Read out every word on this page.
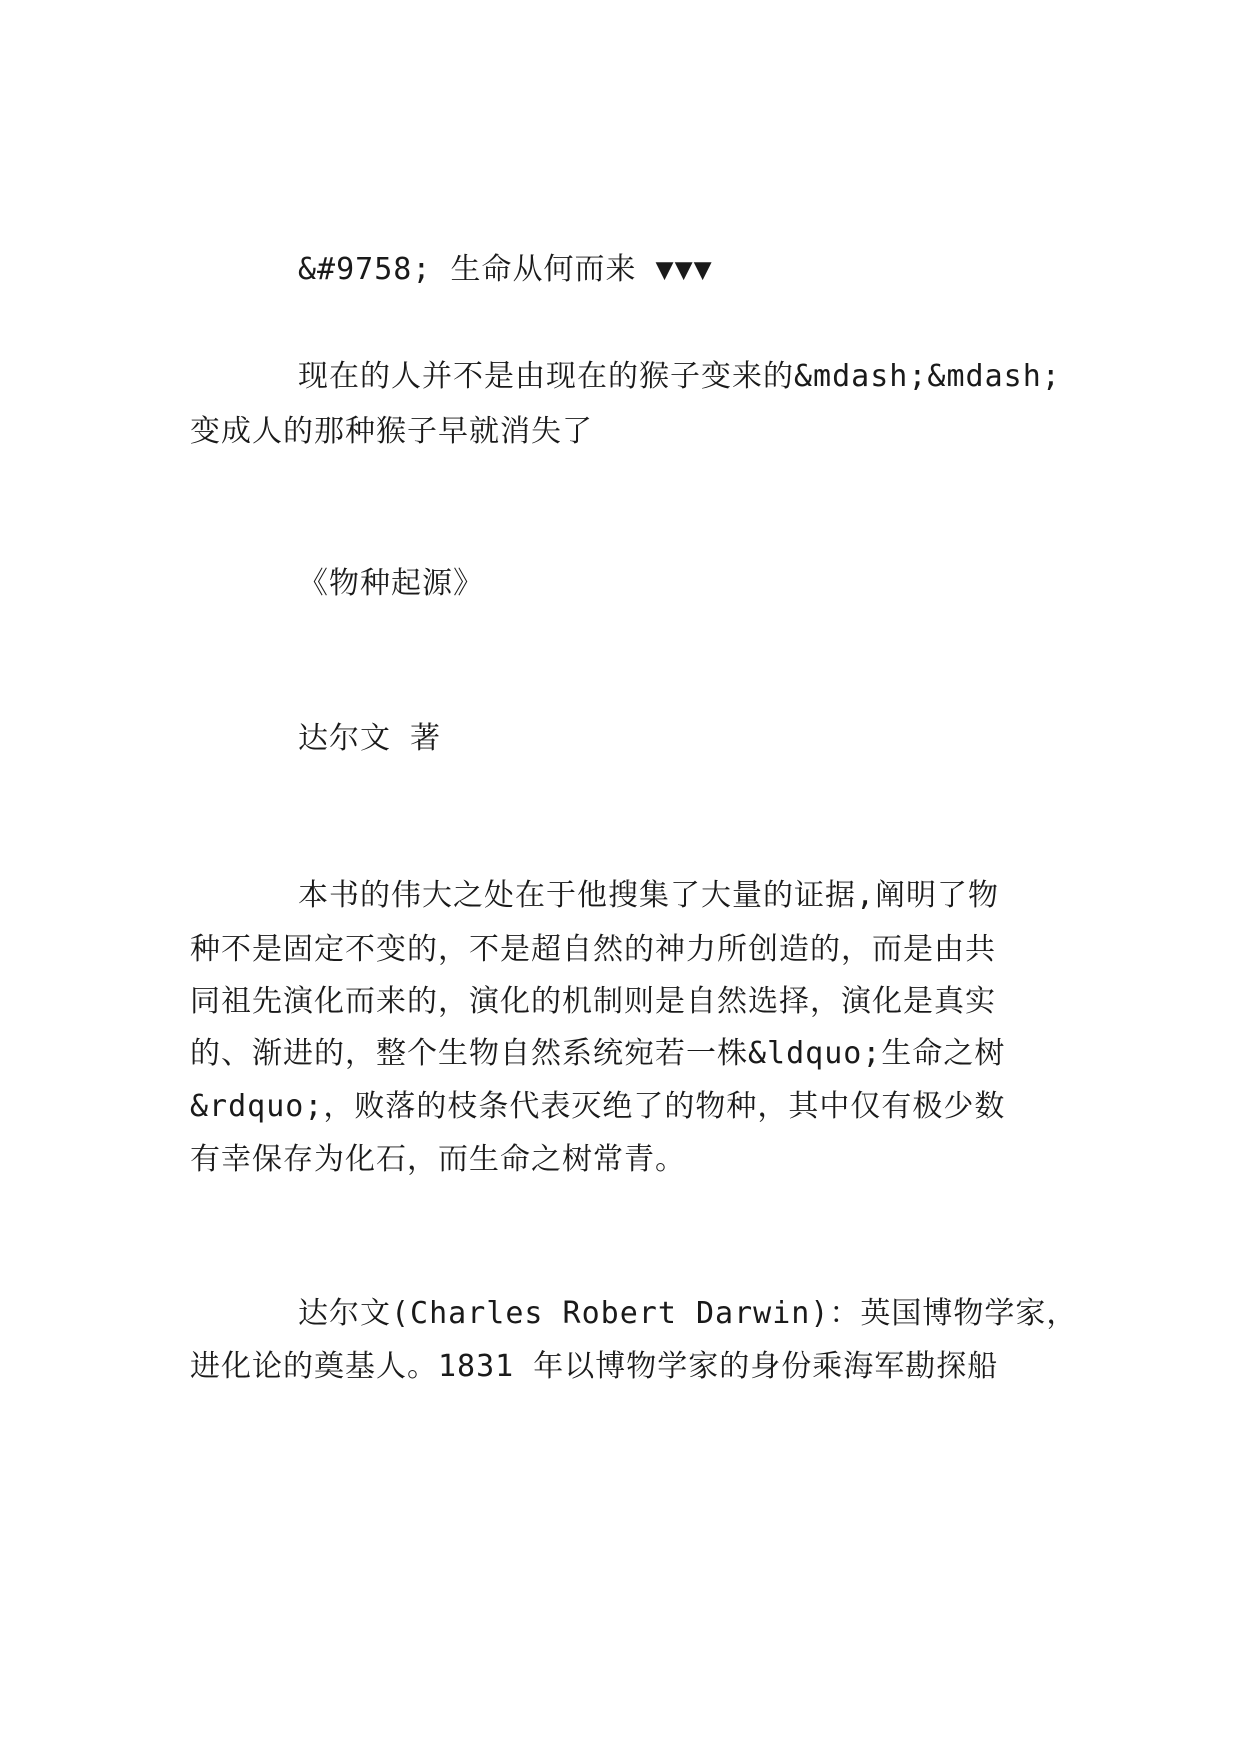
&#9758; 生命从何而来 ▼▼▼
现在的人并不是由现在的猴子变来的&mdash;&mdash;
变成人的那种猴子早就消失了
《物种起源》
达尔文 著
本书的伟大之处在于他搜集了大量的证据,阐明了物
种不是固定不变的，不是超自然的神力所创造的，而是由共
同祖先演化而来的，演化的机制则是自然选择，演化是真实
的、渐进的，整个生物自然系统宛若一株&ldquo;生命之树
&rdquo;，败落的枝条代表灭绝了的物种，其中仅有极少数
有幸保存为化石，而生命之树常青。
达尔文(Charles Robert Darwin)：英国博物学家，
进化论的奠基人。1831 年以博物学家的身份乘海军勘探船
